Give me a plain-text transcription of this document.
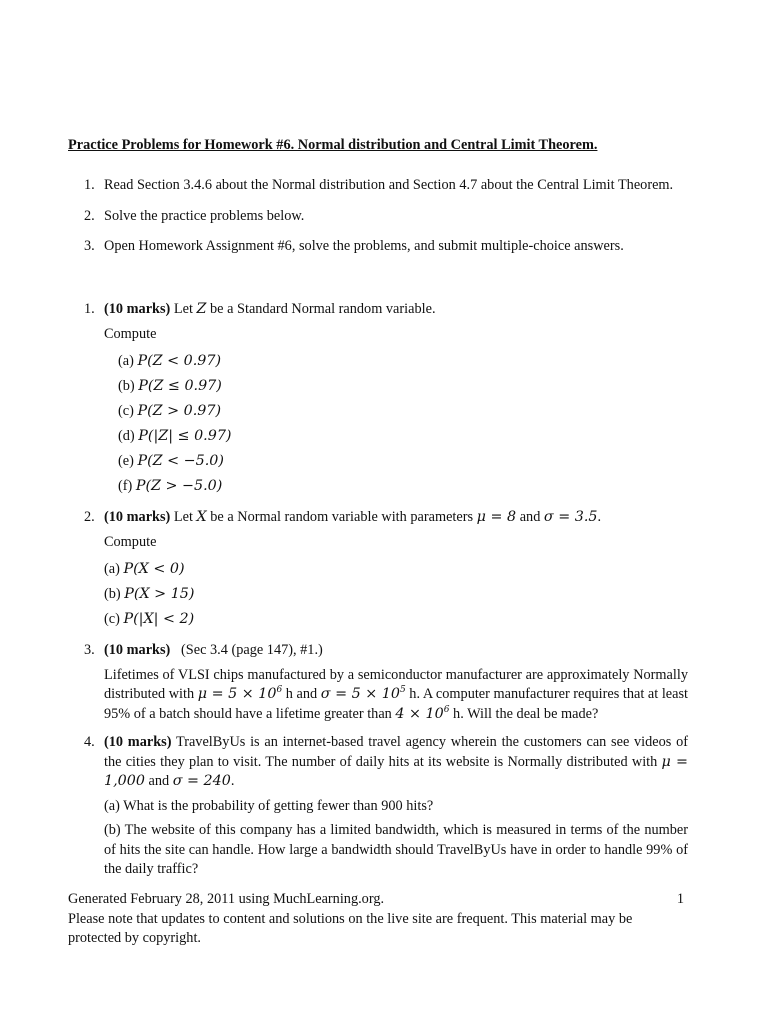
Practice Problems for Homework #6. Normal distribution and Central Limit Theorem.
1. Read Section 3.4.6 about the Normal distribution and Section 4.7 about the Central Limit Theorem.
2. Solve the practice problems below.
3. Open Homework Assignment #6, solve the problems, and submit multiple-choice answers.
1. (10 marks) Let Z be a Standard Normal random variable.
Compute
(a) P(Z < 0.97)
(b) P(Z ≤ 0.97)
(c) P(Z > 0.97)
(d) P(|Z| ≤ 0.97)
(e) P(Z < −5.0)
(f) P(Z > −5.0)
2. (10 marks) Let X be a Normal random variable with parameters μ = 8 and σ = 3.5.
Compute
(a) P(X < 0)
(b) P(X > 15)
(c) P(|X| < 2)
3. (10 marks) (Sec 3.4 (page 147), #1.)

Lifetimes of VLSI chips manufactured by a semiconductor manufacturer are approximately Normally distributed with $\mu = 5 \times 10^6$ h and $\sigma = 5 \times 10^5$ h. A computer manufacturer requires that at least 95% of a batch should have a lifetime greater than $4 \times 10^6$ h. Will the deal be made?

4. (10 marks) TravelByUs is an internet-based travel agency wherein the customers can see videos of the cities they plan to visit. The number of daily hits at its website is Normally distributed with μ = 1,000 and σ = 240.

(a) What is the probability of getting fewer than 900 hits?

(b) The website of this company has a limited bandwidth, which is measured in terms of the number of hits the site can handle. How large a bandwidth should TravelByUs have in order to handle 99% of the daily traffic?

Generated February 28, 2011 using MuchLearning.org.	1
Please note that updates to content and solutions on the live site are frequent. This material may be protected by copyright.
